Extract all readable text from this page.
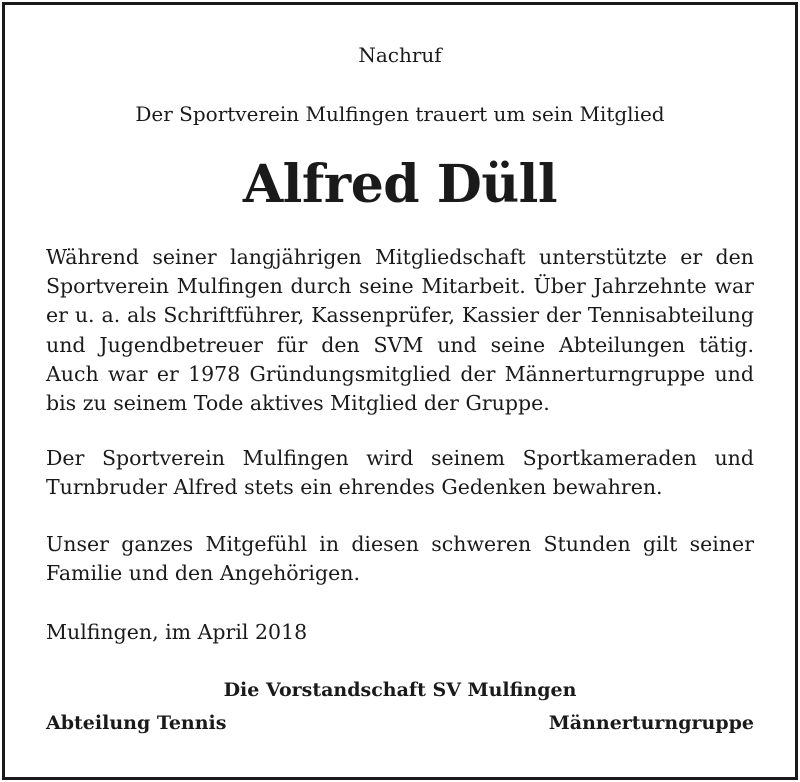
Nachruf
Der Sportverein Mulfingen trauert um sein Mitglied
Alfred Düll

Während seiner langjährigen Mitgliedschaft unterstützte er den Sportverein Mulfingen durch seine Mitarbeit. Über Jahrzehnte war er u. a. als Schriftführer, Kassenprüfer, Kassier der Tennisabteilung und Jugendbetreuer für den SVM und seine Abteilungen tätig. Auch war er 1978 Gründungsmitglied der Männerturngruppe und bis zu seinem Tode aktives Mitglied der Gruppe.

Der Sportverein Mulfingen wird seinem Sportkameraden und Turnbruder Alfred stets ein ehrendes Gedenken bewahren.

Unser ganzes Mitgefühl in diesen schweren Stunden gilt seiner Familie und den Angehörigen.

Mulfingen, im April 2018
Die Vorstandschaft SV Mulfingen
Abteilung Tennis	Männerturngruppe
